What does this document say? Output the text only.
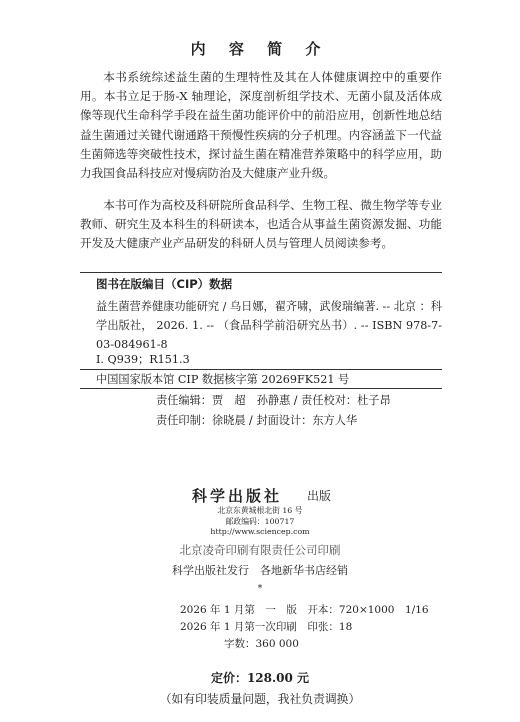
内 容 简 介
本书系统综述益生菌的生理特性及其在人体健康调控中的重要作用。本书立足于肠-X 轴理论，深度剖析组学技术、无菌小鼠及活体成像等现代生命科学手段在益生菌功能评价中的前沿应用，创新性地总结益生菌通过关键代谢通路干预慢性疾病的分子机理。内容涵盖下一代益生菌筛选等突破性技术，探讨益生菌在精准营养策略中的科学应用，助力我国食品科技应对慢病防治及大健康产业升级。
本书可作为高校及科研院所食品科学、生物工程、微生物学等专业教师、研究生及本科生的科研读本，也适合从事益生菌资源发掘、功能开发及大健康产业产品研发的科研人员与管理人员阅读参考。
图书在版编目（CIP）数据
益生菌营养健康功能研究 / 乌日娜，翟齐啸，武俊瑞编著. -- 北京 ：科学出版社， 2026. 1. -- （食品科学前沿研究丛书）. -- ISBN 978-7-03-084961-8
Ⅰ. Q939；R151.3
中国国家版本馆 CIP 数据核字第 20269FK521 号
责任编辑：贾　超　孙静惠 / 责任校对：杜子昂
责任印制：徐晓晨 / 封面设计：东方人华
科学出版社 出版
北京东黄城根北街 16 号
邮政编码：100717
http://www.sciencep.com
北京凌奇印刷有限责任公司印刷
科学出版社发行　各地新华书店经销
*
2026 年 1 月第　一　版　开本：720×1000　1/16
2026 年 1 月第一次印刷　印张：18
字数：360 000
定价：128.00 元
（如有印装质量问题，我社负责调换）
